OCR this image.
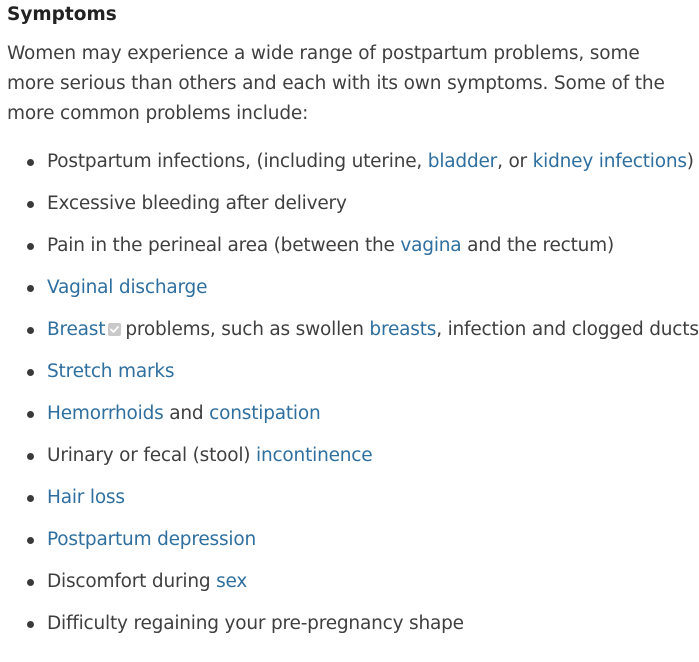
Symptoms

Women may experience a wide range of postpartum problems, some more serious than others and each with its own symptoms. Some of the more common problems include:

Postpartum infections, (including uterine, bladder, or kidney infections)
Excessive bleeding after delivery
Pain in the perineal area (between the vagina and the rectum)
Vaginal discharge
Breast problems, such as swollen breasts, infection and clogged ducts
Stretch marks
Hemorrhoids and constipation
Urinary or fecal (stool) incontinence
Hair loss
Postpartum depression
Discomfort during sex
Difficulty regaining your pre-pregnancy shape
